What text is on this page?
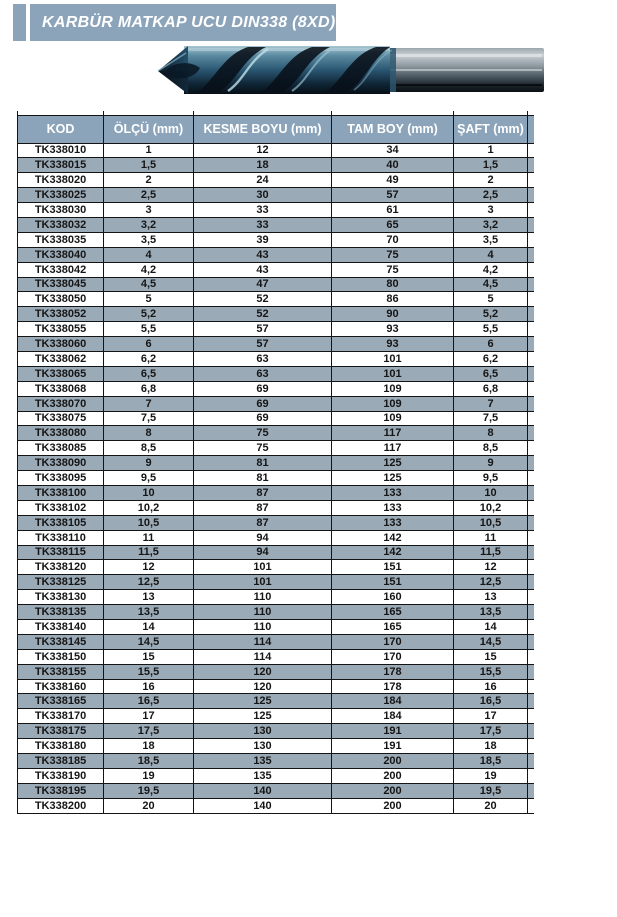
KARBÜR MATKAP UCU DIN338 (8XD)

KOD	ÖLÇÜ (mm)	KESME BOYU (mm)	TAM BOY (mm)	ŞAFT (mm)	
TK338010	1	12	34	1	
TK338015	1,5	18	40	1,5	
TK338020	2	24	49	2	
TK338025	2,5	30	57	2,5	
TK338030	3	33	61	3	
TK338032	3,2	33	65	3,2	
TK338035	3,5	39	70	3,5	
TK338040	4	43	75	4	
TK338042	4,2	43	75	4,2	
TK338045	4,5	47	80	4,5	
TK338050	5	52	86	5	
TK338052	5,2	52	90	5,2	
TK338055	5,5	57	93	5,5	
TK338060	6	57	93	6	
TK338062	6,2	63	101	6,2	
TK338065	6,5	63	101	6,5	
TK338068	6,8	69	109	6,8	
TK338070	7	69	109	7	
TK338075	7,5	69	109	7,5	
TK338080	8	75	117	8	
TK338085	8,5	75	117	8,5	
TK338090	9	81	125	9	
TK338095	9,5	81	125	9,5	
TK338100	10	87	133	10	
TK338102	10,2	87	133	10,2	
TK338105	10,5	87	133	10,5	
TK338110	11	94	142	11	
TK338115	11,5	94	142	11,5	
TK338120	12	101	151	12	
TK338125	12,5	101	151	12,5	
TK338130	13	110	160	13	
TK338135	13,5	110	165	13,5	
TK338140	14	110	165	14	
TK338145	14,5	114	170	14,5	
TK338150	15	114	170	15	
TK338155	15,5	120	178	15,5	
TK338160	16	120	178	16	
TK338165	16,5	125	184	16,5	
TK338170	17	125	184	17	
TK338175	17,5	130	191	17,5	
TK338180	18	130	191	18	
TK338185	18,5	135	200	18,5	
TK338190	19	135	200	19	
TK338195	19,5	140	200	19,5	
TK338200	20	140	200	20	
